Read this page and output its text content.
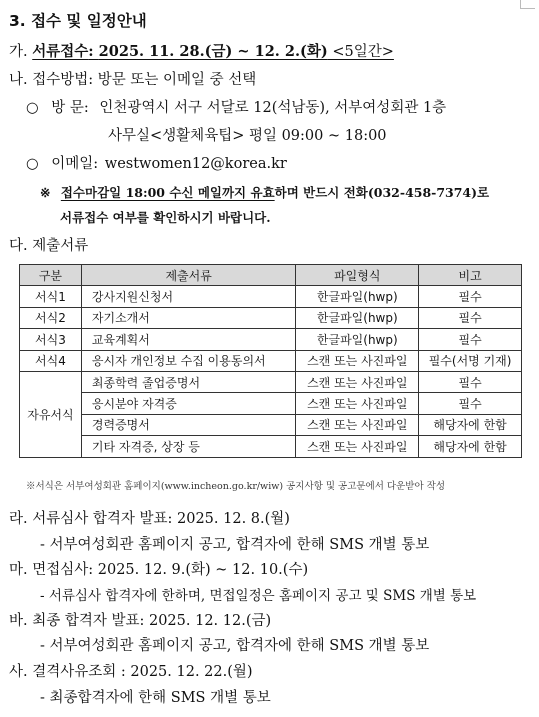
3. 접수 및 일정안내
가. 서류접수: 2025. 11. 28.(금) ~ 12. 2.(화) <5일간>
나. 접수방법: 방문 또는 이메일 중 선택
○ 방 문: 인천광역시 서구 서달로 12(석남동), 서부여성회관 1층
사무실<생활체육팁> 평일 09:00 ~ 18:00
○ 이메일: westwomen12@korea.kr
※ 접수마감일 18:00 수신 메일까지 유효하며 반드시 전화(032-458-7374)로
서류접수 여부를 확인하시기 바랍니다.
다. 제출서류
구분	제출서류	파일형식	비고
서식1	강사지원신청서	한글파일(hwp)	필수
서식2	자기소개서	한글파일(hwp)	필수
서식3	교육계획서	한글파일(hwp)	필수
서식4	응시자 개인정보 수집 이용동의서	스캔 또는 사진파일	필수(서명 기재)
자유서식	최종학력 졸업증명서	스캔 또는 사진파일	필수
	응시분야 자격증	스캔 또는 사진파일	필수
	경력증명서	스캔 또는 사진파일	해당자에 한함
	기타 자격증, 상장 등	스캔 또는 사진파일	해당자에 한함
※서식은 서부여성회관 홈페이지(www.incheon.go.kr/wiw) 공지사항 및 공고문에서 다운받아 작성
라. 서류심사 합격자 발표: 2025. 12. 8.(월)
- 서부여성회관 홈페이지 공고, 합격자에 한해 SMS 개별 통보
마. 면접심사: 2025. 12. 9.(화) ~ 12. 10.(수)
- 서류심사 합격자에 한하며, 면접일정은 홈페이지 공고 및 SMS 개별 통보
바. 최종 합격자 발표: 2025. 12. 12.(금)
- 서부여성회관 홈페이지 공고, 합격자에 한해 SMS 개별 통보
사. 결격사유조회 : 2025. 12. 22.(월)
- 최종합격자에 한해 SMS 개별 통보
